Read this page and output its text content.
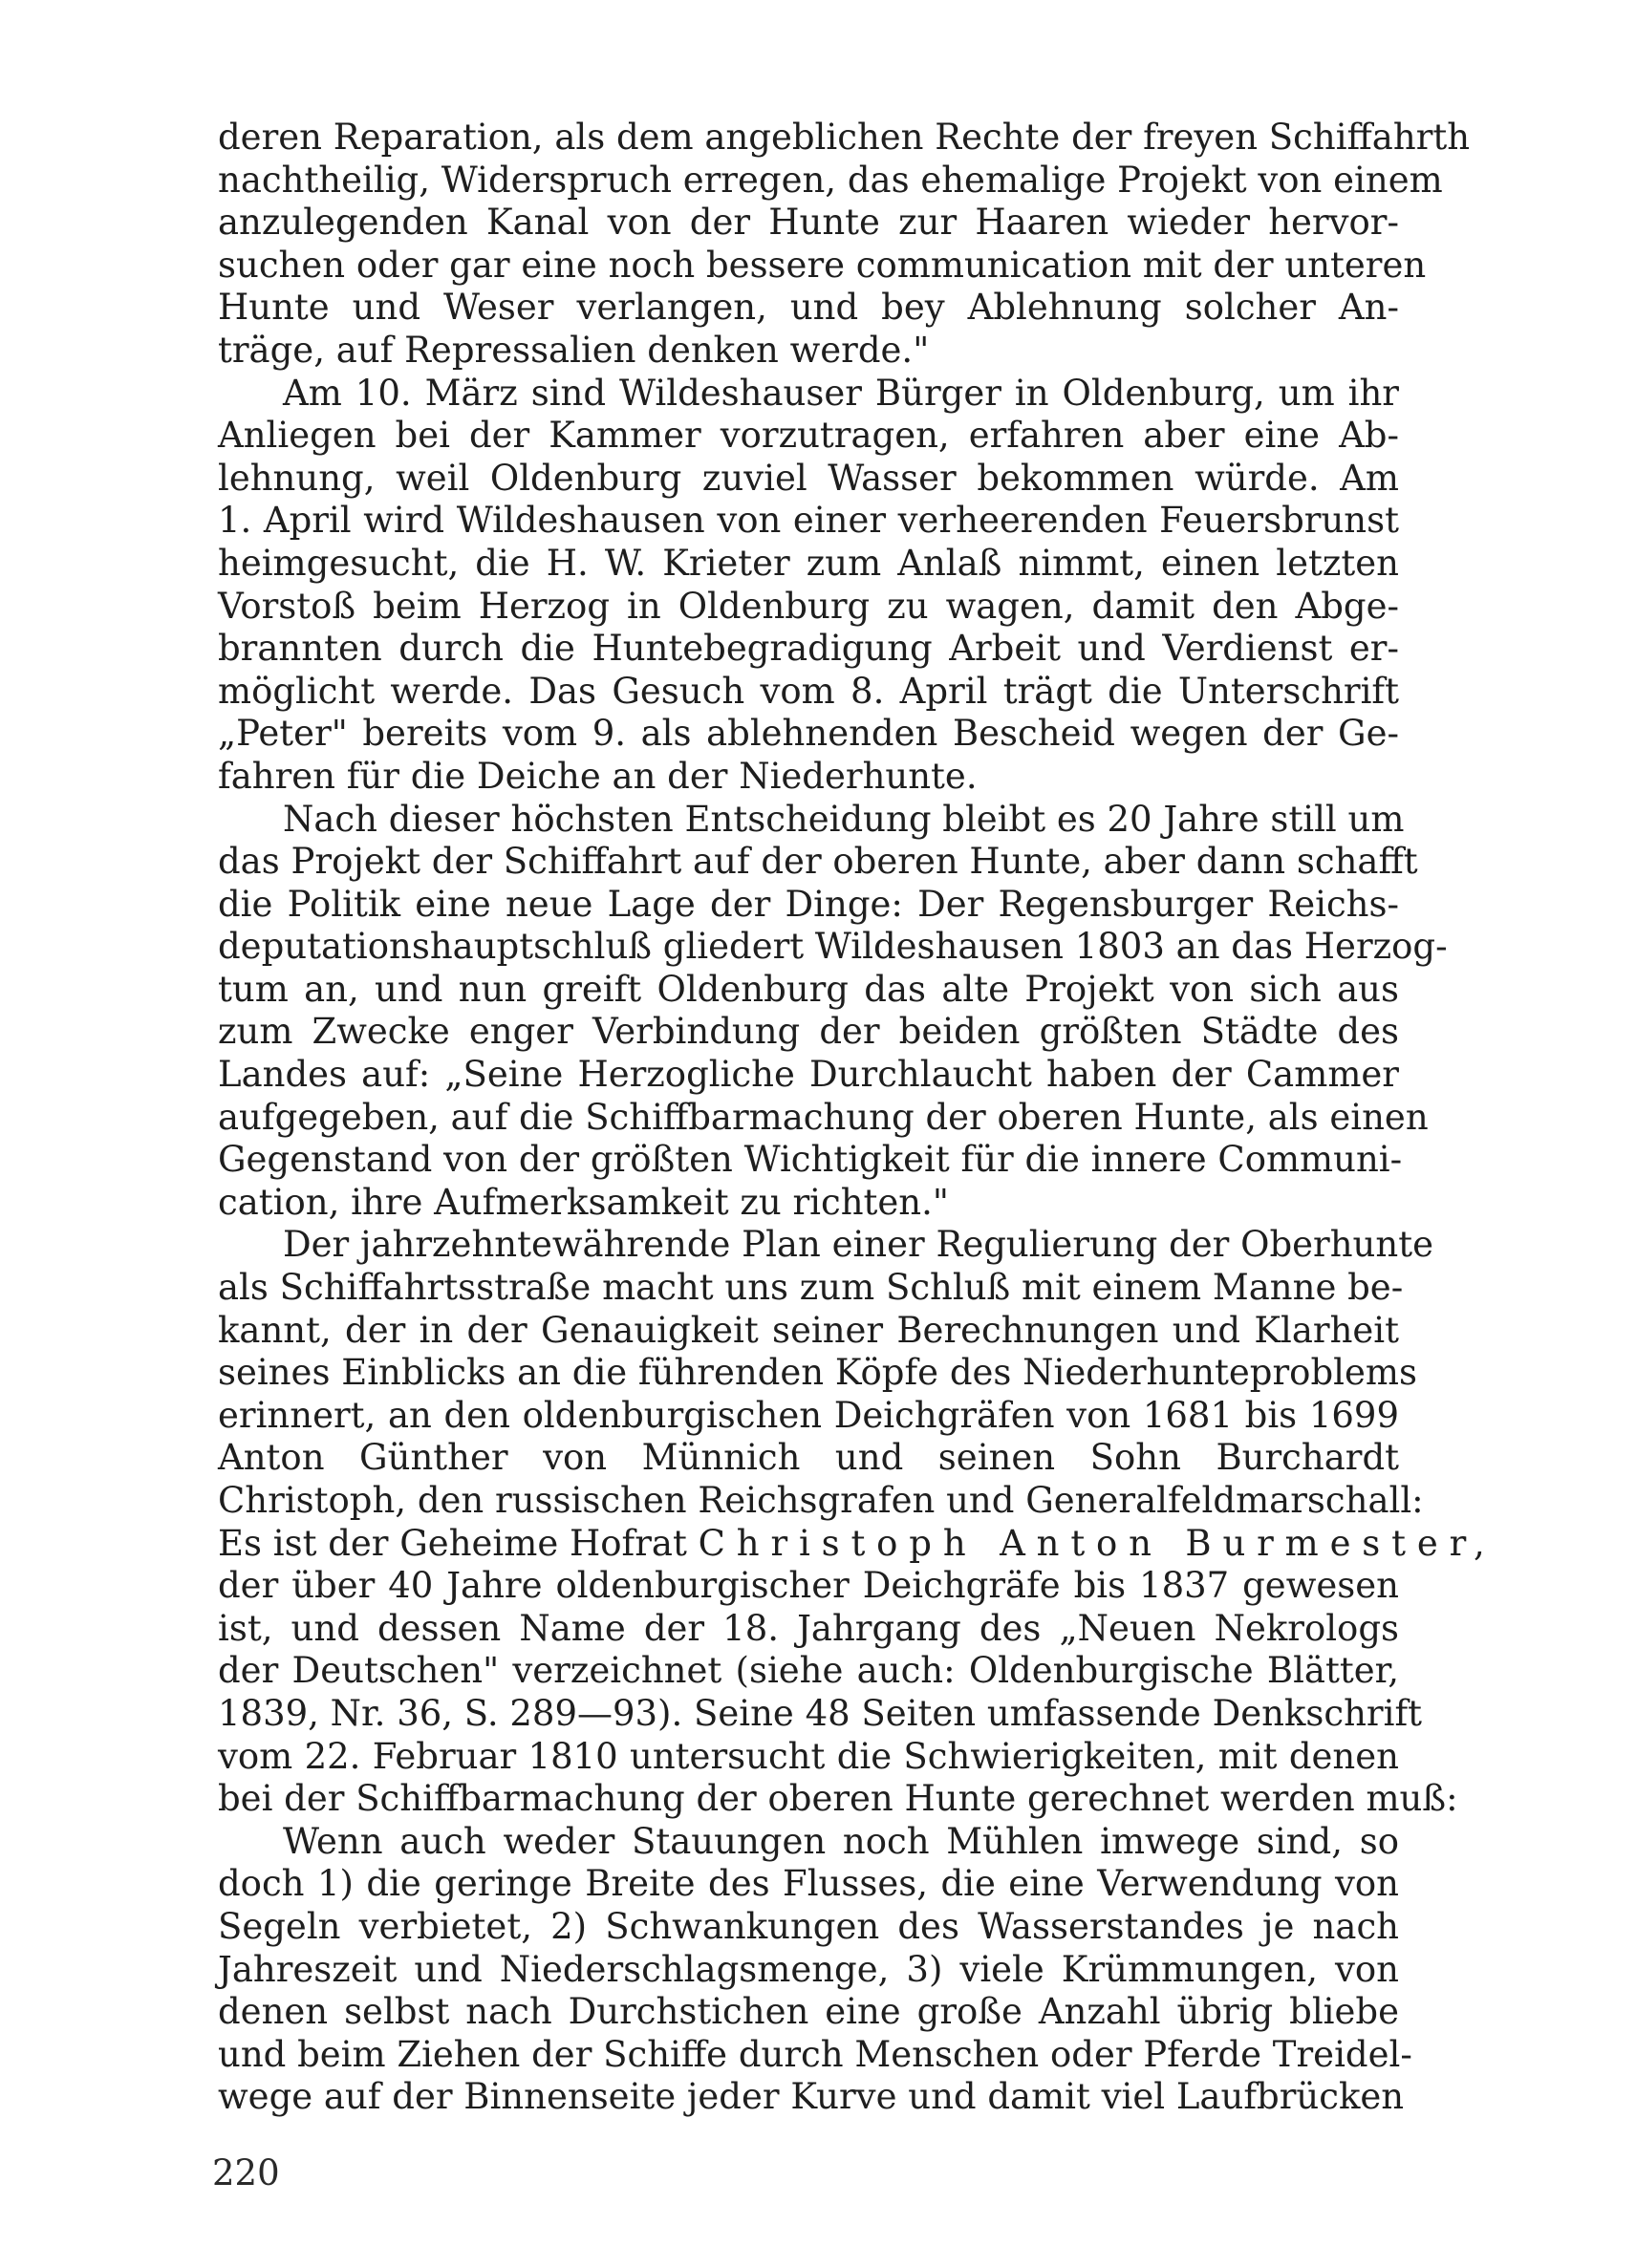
deren Reparation, als dem angeblichen Rechte der freyen Schiffahrth
nachtheilig, Widerspruch erregen, das ehemalige Projekt von einem
anzulegenden Kanal von der Hunte zur Haaren wieder hervor-
suchen oder gar eine noch bessere communication mit der unteren
Hunte und Weser verlangen, und bey Ablehnung solcher An-
träge, auf Repressalien denken werde."
Am 10. März sind Wildeshauser Bürger in Oldenburg, um ihr
Anliegen bei der Kammer vorzutragen, erfahren aber eine Ab-
lehnung, weil Oldenburg zuviel Wasser bekommen würde. Am
1. April wird Wildeshausen von einer verheerenden Feuersbrunst
heimgesucht, die H. W. Krieter zum Anlaß nimmt, einen letzten
Vorstoß beim Herzog in Oldenburg zu wagen, damit den Abge-
brannten durch die Huntebegradigung Arbeit und Verdienst er-
möglicht werde. Das Gesuch vom 8. April trägt die Unterschrift
„Peter" bereits vom 9. als ablehnenden Bescheid wegen der Ge-
fahren für die Deiche an der Niederhunte.
Nach dieser höchsten Entscheidung bleibt es 20 Jahre still um
das Projekt der Schiffahrt auf der oberen Hunte, aber dann schafft
die Politik eine neue Lage der Dinge: Der Regensburger Reichs-
deputationshauptschluß gliedert Wildeshausen 1803 an das Herzog-
tum an, und nun greift Oldenburg das alte Projekt von sich aus
zum Zwecke enger Verbindung der beiden größten Städte des
Landes auf: „Seine Herzogliche Durchlaucht haben der Cammer
aufgegeben, auf die Schiffbarmachung der oberen Hunte, als einen
Gegenstand von der größten Wichtigkeit für die innere Communi-
cation, ihre Aufmerksamkeit zu richten."
Der jahrzehntewährende Plan einer Regulierung der Oberhunte
als Schiffahrtsstraße macht uns zum Schluß mit einem Manne be-
kannt, der in der Genauigkeit seiner Berechnungen und Klarheit
seines Einblicks an die führenden Köpfe des Niederhunteproblems
erinnert, an den oldenburgischen Deichgräfen von 1681 bis 1699
Anton Günther von Münnich und seinen Sohn Burchardt
Christoph, den russischen Reichsgrafen und Generalfeldmarschall:
Es ist der Geheime Hofrat Christoph Anton Burmester,
der über 40 Jahre oldenburgischer Deichgräfe bis 1837 gewesen
ist, und dessen Name der 18. Jahrgang des „Neuen Nekrologs
der Deutschen" verzeichnet (siehe auch: Oldenburgische Blätter,
1839, Nr. 36, S. 289—93). Seine 48 Seiten umfassende Denkschrift
vom 22. Februar 1810 untersucht die Schwierigkeiten, mit denen
bei der Schiffbarmachung der oberen Hunte gerechnet werden muß:
Wenn auch weder Stauungen noch Mühlen imwege sind, so
doch 1) die geringe Breite des Flusses, die eine Verwendung von
Segeln verbietet, 2) Schwankungen des Wasserstandes je nach
Jahreszeit und Niederschlagsmenge, 3) viele Krümmungen, von
denen selbst nach Durchstichen eine große Anzahl übrig bliebe
und beim Ziehen der Schiffe durch Menschen oder Pferde Treidel-
wege auf der Binnenseite jeder Kurve und damit viel Laufbrücken
220
